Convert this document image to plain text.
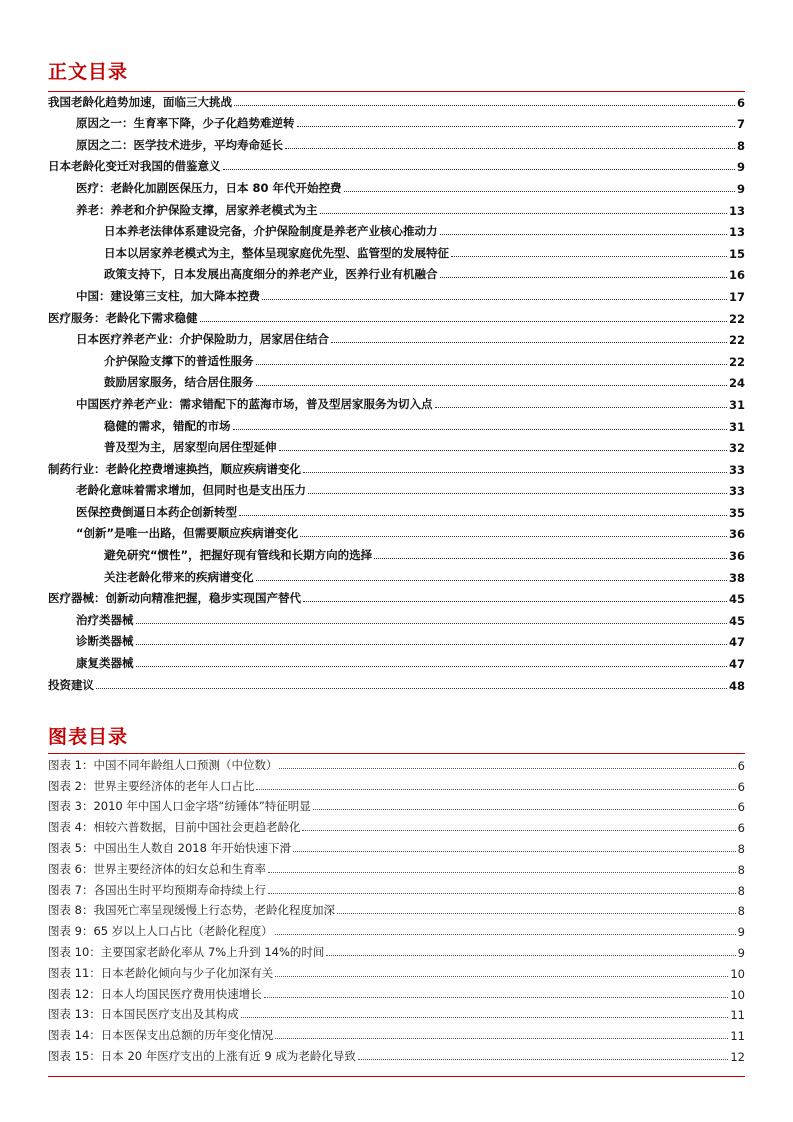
正文目录
我国老龄化趋势加速，面临三大挑战	6
原因之一：生育率下降，少子化趋势难逆转	7
原因之二：医学技术进步，平均寿命延长	8
日本老龄化变迁对我国的借鉴意义	9
医疗：老龄化加剧医保压力，日本 80 年代开始控费	9
养老：养老和介护保险支撑，居家养老模式为主	13
日本养老法律体系建设完备，介护保险制度是养老产业核心推动力	13
日本以居家养老模式为主，整体呈现家庭优先型、监管型的发展特征	15
政策支持下，日本发展出高度细分的养老产业，医养行业有机融合	16
中国：建设第三支柱，加大降本控费	17
医疗服务：老龄化下需求稳健	22
日本医疗养老产业：介护保险助力，居家居住结合	22
介护保险支撑下的普适性服务	22
鼓励居家服务，结合居住服务	24
中国医疗养老产业：需求错配下的蓝海市场，普及型居家服务为切入点	31
稳健的需求，错配的市场	31
普及型为主，居家型向居住型延伸	32
制药行业：老龄化控费增速换挡，顺应疾病谱变化	33
老龄化意味着需求增加，但同时也是支出压力	33
医保控费倒逼日本药企创新转型	35
“创新”是唯一出路，但需要顺应疾病谱变化	36
避免研究“惯性”，把握好现有管线和长期方向的选择	36
关注老龄化带来的疾病谱变化	38
医疗器械：创新动向精准把握，稳步实现国产替代	45
治疗类器械	45
诊断类器械	47
康复类器械	47
投资建议	48
图表目录
图表 1：中国不同年龄组人口预测（中位数）	6
图表 2：世界主要经济体的老年人口占比	6
图表 3：2010 年中国人口金字塔“纺锤体”特征明显	6
图表 4：相较六普数据，目前中国社会更趋老龄化	6
图表 5：中国出生人数自 2018 年开始快速下滑	8
图表 6：世界主要经济体的妇女总和生育率	8
图表 7：各国出生时平均预期寿命持续上行	8
图表 8：我国死亡率呈现缓慢上行态势，老龄化程度加深	8
图表 9：65 岁以上人口占比（老龄化程度）	9
图表 10：主要国家老龄化率从 7%上升到 14%的时间	9
图表 11：日本老龄化倾向与少子化加深有关	10
图表 12：日本人均国民医疗费用快速增长	10
图表 13：日本国民医疗支出及其构成	11
图表 14：日本医保支出总额的历年变化情况	11
图表 15：日本 20 年医疗支出的上涨有近 9 成为老龄化导致	12
